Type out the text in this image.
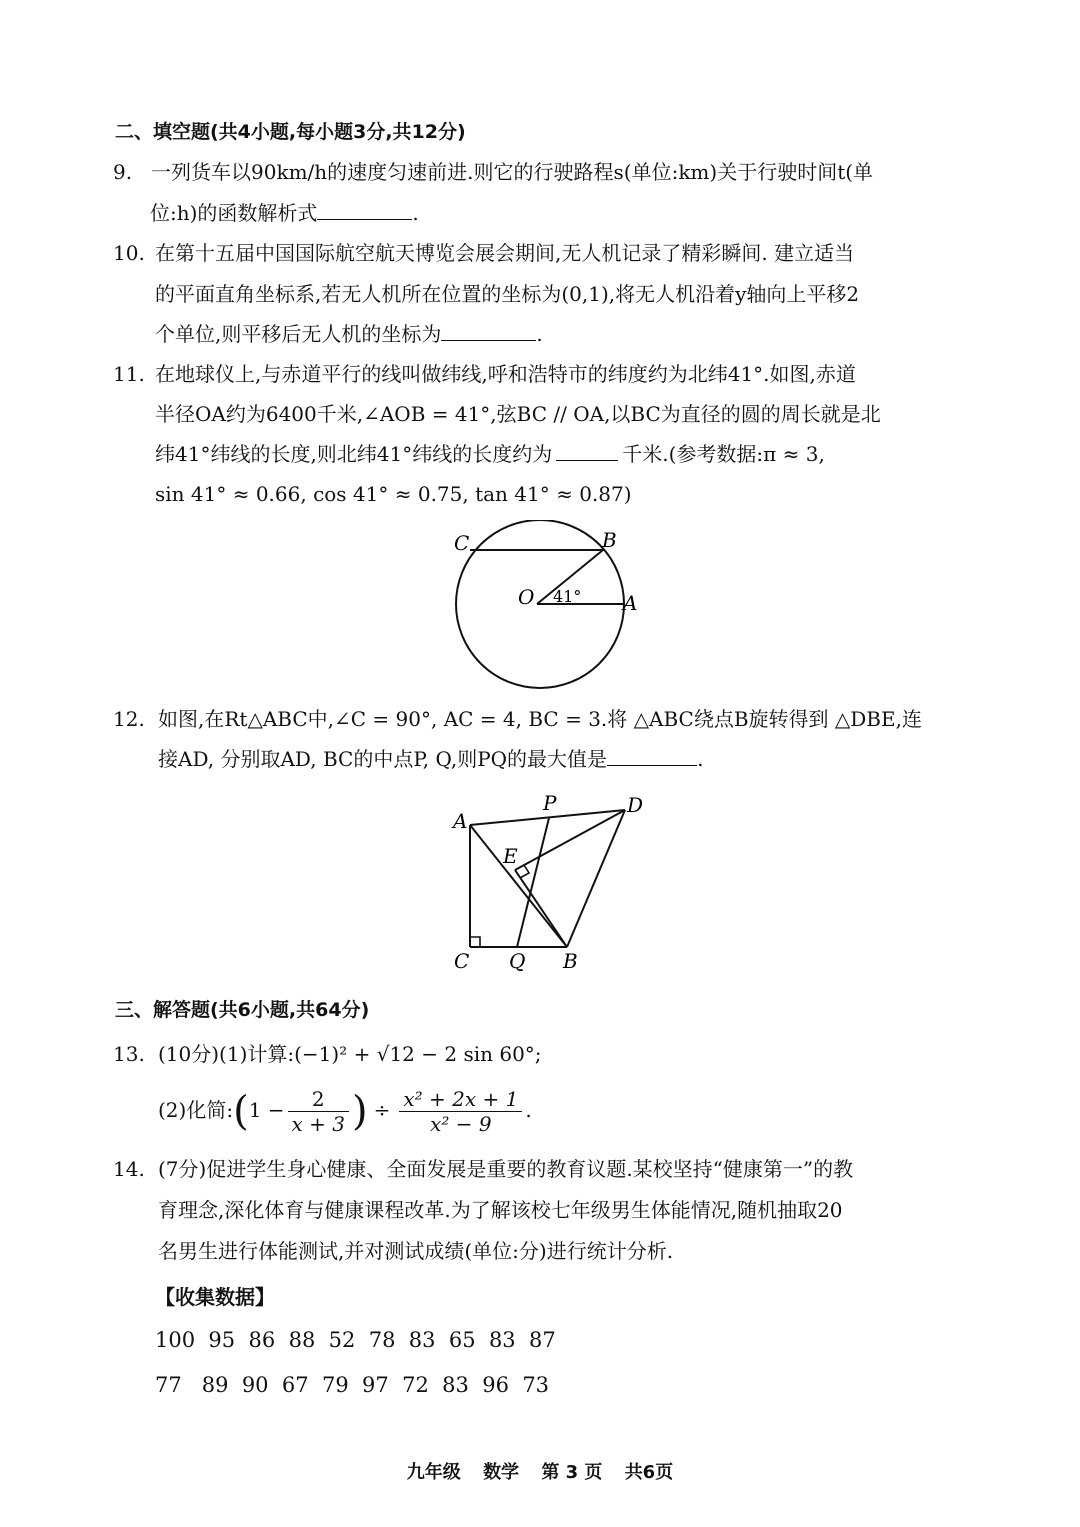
二、填空题(共4小题,每小题3分,共12分)
9. 一列货车以90km/h的速度匀速前进.则它的行驶路程s(单位:km)关于行驶时间t(单
位:h)的函数解析式	.
10. 在第十五届中国国际航空航天博览会展会期间,无人机记录了精彩瞬间. 建立适当
的平面直角坐标系,若无人机所在位置的坐标为(0,1),将无人机沿着y轴向上平移2
个单位,则平移后无人机的坐标为	.
11. 在地球仪上,与赤道平行的线叫做纬线,呼和浩特市的纬度约为北纬41°.如图,赤道
半径OA约为6400千米,∠AOB = 41°,弦BC // OA,以BC为直径的圆的周长就是北
纬41°纬线的长度,则北纬41°纬线的长度约为	千米.(参考数据:π ≈ 3,
sin 41° ≈ 0.66, cos 41° ≈ 0.75, tan 41° ≈ 0.87)
C	B
O	A
41°
12. 如图,在Rt△ABC中,∠C = 90°, AC = 4, BC = 3.将 △ABC绕点B旋转得到 △DBE,连
接AD, 分别取AD, BC的中点P, Q,则PQ的最大值是	.
A
P	D
E
C Q B
三、解答题(共6小题,共64分)
13. (10分)(1)计算:(−1)² + √12 − 2 sin 60°;
(2)化简:(1 − $\frac{2}{x + 3}$ ) ÷ $\frac{\text{x² + 2x + 1}}{\text{x² − 9}}$ .
14. (7分)促进学生身心健康、全面发展是重要的教育议题.某校坚持“健康第一”的教
育理念,深化体育与健康课程改革.为了解该校七年级男生体能情况,随机抽取20
名男生进行体能测试,并对测试成绩(单位:分)进行统计分析.
【收集数据】
100  95  86  88  52  78  83  65  83  87
77   89  90  67  79  97  72  83  96  73
九年级 数学 第 3 页 共6页
